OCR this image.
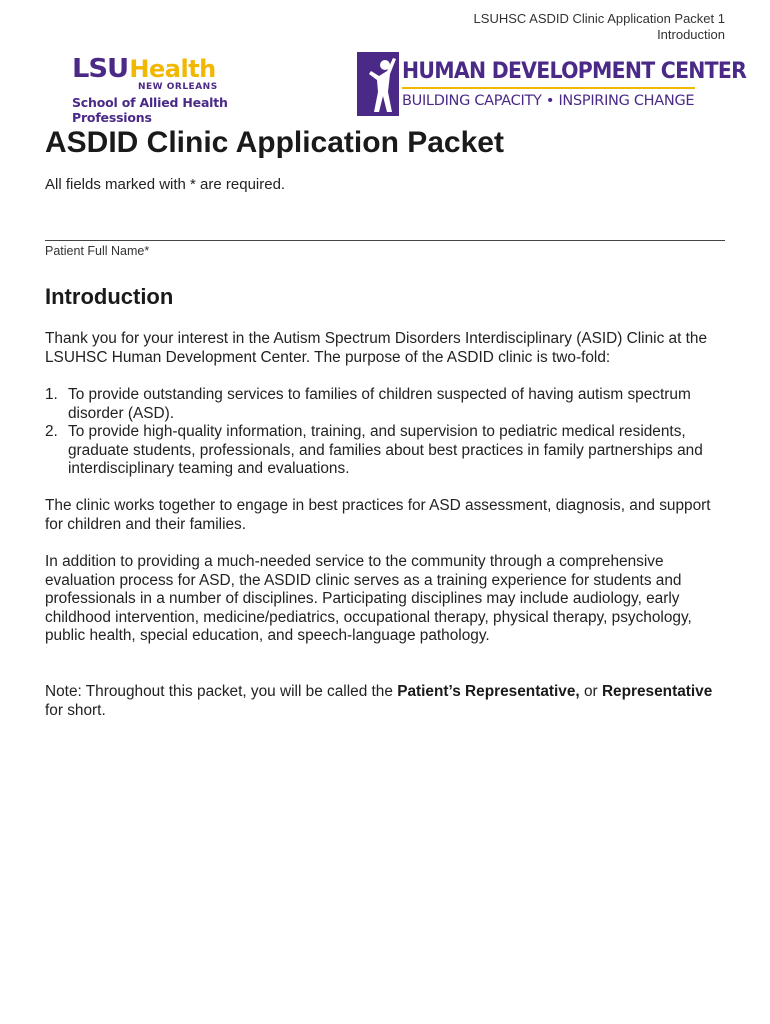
LSUHSC ASDID Clinic Application Packet 1
Introduction
LSU Health
NEW ORLEANS
School of Allied Health Professions
HUMAN DEVELOPMENT CENTER
BUILDING CAPACITY • INSPIRING CHANGE
ASDID Clinic Application Packet
All fields marked with * are required.
Patient Full Name*
Introduction

Thank you for your interest in the Autism Spectrum Disorders Interdisciplinary (ASID) Clinic at the LSUHSC Human Development Center. The purpose of the ASDID clinic is two-fold:

1. To provide outstanding services to families of children suspected of having autism spectrum disorder (ASD).
2. To provide high-quality information, training, and supervision to pediatric medical residents, graduate students, professionals, and families about best practices in family partnerships and interdisciplinary teaming and evaluations.

The clinic works together to engage in best practices for ASD assessment, diagnosis, and support for children and their families.

In addition to providing a much-needed service to the community through a comprehensive evaluation process for ASD, the ASDID clinic serves as a training experience for students and professionals in a number of disciplines. Participating disciplines may include audiology, early childhood intervention, medicine/pediatrics, occupational therapy, physical therapy, psychology, public health, special education, and speech-language pathology.

Note: Throughout this packet, you will be called the Patient’s Representative, or Representative for short.
